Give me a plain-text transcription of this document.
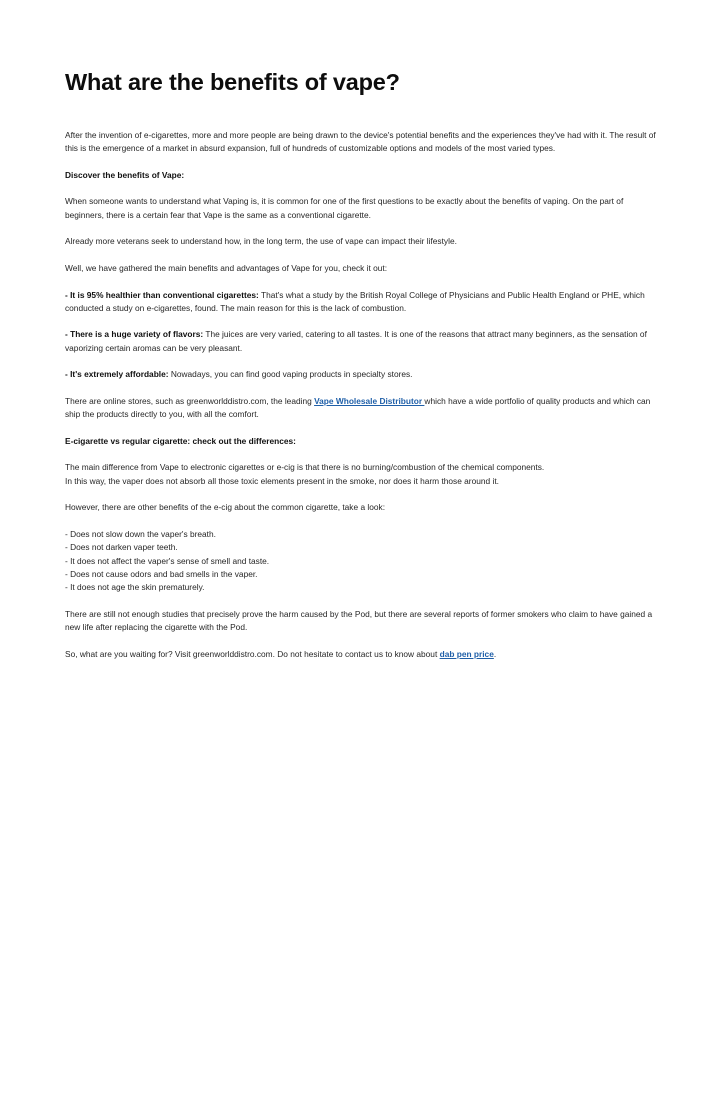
What are the benefits of vape?

After the invention of e-cigarettes, more and more people are being drawn to the device's potential benefits and the experiences they've had with it. The result of this is the emergence of a market in absurd expansion, full of hundreds of customizable options and models of the most varied types.

Discover the benefits of Vape:

When someone wants to understand what Vaping is, it is common for one of the first questions to be exactly about the benefits of vaping. On the part of beginners, there is a certain fear that Vape is the same as a conventional cigarette.

Already more veterans seek to understand how, in the long term, the use of vape can impact their lifestyle.

Well, we have gathered the main benefits and advantages of Vape for you, check it out:

- It is 95% healthier than conventional cigarettes: That's what a study by the British Royal College of Physicians and Public Health England or PHE, which conducted a study on e-cigarettes, found. The main reason for this is the lack of combustion.

- There is a huge variety of flavors: The juices are very varied, catering to all tastes. It is one of the reasons that attract many beginners, as the sensation of vaporizing certain aromas can be very pleasant.

- It's extremely affordable: Nowadays, you can find good vaping products in specialty stores.

There are online stores, such as greenworlddistro.com, the leading Vape Wholesale Distributor which have a wide portfolio of quality products and which can ship the products directly to you, with all the comfort.

E-cigarette vs regular cigarette: check out the differences:

The main difference from Vape to electronic cigarettes or e-cig is that there is no burning/combustion of the chemical components.
In this way, the vaper does not absorb all those toxic elements present in the smoke, nor does it harm those around it.

However, there are other benefits of the e-cig about the common cigarette, take a look:

- Does not slow down the vaper's breath.

- Does not darken vaper teeth.

- It does not affect the vaper's sense of smell and taste.

- Does not cause odors and bad smells in the vaper.

- It does not age the skin prematurely.

There are still not enough studies that precisely prove the harm caused by the Pod, but there are several reports of former smokers who claim to have gained a new life after replacing the cigarette with the Pod.

So, what are you waiting for? Visit greenworlddistro.com. Do not hesitate to contact us to know about dab pen price.
